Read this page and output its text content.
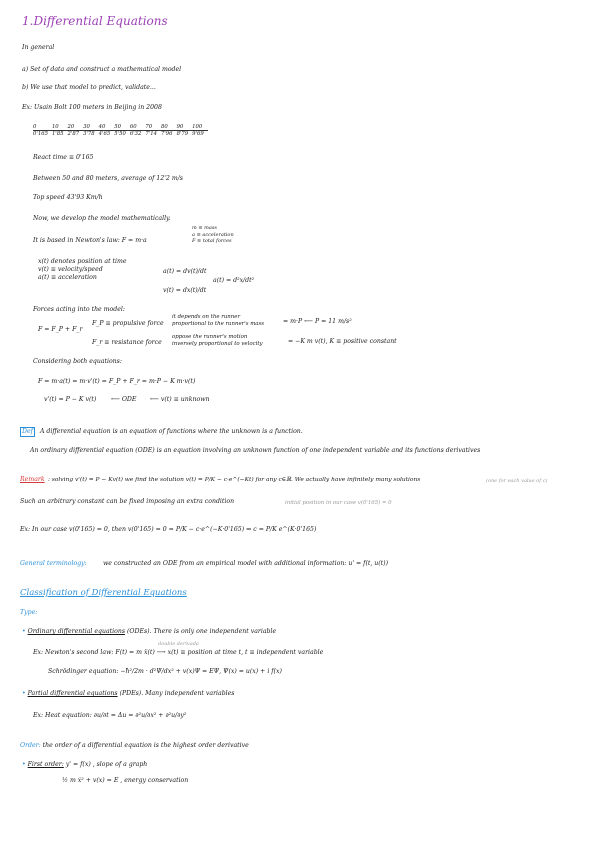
1.Differential Equations
In general
a) Set of data and construct a mathematical model
b) We use that model to predict, validate...
Ex: Usain Bolt 100 meters in Beijing in 2008
0	10	20	30	40	50	60	70	80	90	100
0'165	1'85	2'87	3'78	4'65	5'50	6'32	7'14	7'96	8'79	9'69
React time ≡ 0'165
Between 50 and 80 meters, average of 12'2 m/s
Top speed 43'93 Km/h
Now, we develop the model mathematically.
It is based in Newton's law: F = m·a
m ≡ mass
a ≡ acceleration
F ≡ total forces
x(t) denotes position at time
v(t) ≡ velocity/speed
a(t) ≡ acceleration
a(t) = dv(t)/dt
v(t) = dx(t)/dt
a(t) = d²x/dt²
Forces acting into the model:
F = F_P + F_r
F_P ≡ propulsive force
it depends on the runner
proportional to the runner's mass	= m·P ⟵ P = 11 m/s²
F_r ≡ resistance force
oppose the runner's motion
inversely proportional to velocity	= −K m v(t), K ≡ positive constant
Considering both equations:
F = m·a(t) = m·v'(t) = F_P + F_r = m·P − K m·v(t)
v'(t) = P − K v(t) ⟵ ODE ⟵ v(t) ≡ unknown
Def	A differential equation is an equation of functions where the unknown is a function.
An ordinary differential equation (ODE) is an equation involving an unknown function of one independent variable and its functions derivatives
Remark : solving v'(t) = P − Kv(t) we find the solution v(t) = P/K − c·e^(−Kt) for any c∈ℝ. We actually have infinitely many solutions	(one for each value of c)
Such an arbitrary constant can be fixed imposing an extra condition	initial position in our case v(0'165) = 0
Ex: In our case v(0'165) = 0, then v(0'165) = 0 = P/K − c·e^(−K·0'165) ⇒ c = P/K e^(K·0'165)
General terminology:	we constructed an ODE from an empirical model with additional information: u' = f(t, u(t))
Classification of Differential Equations
Type:
• Ordinary differential equations (ODEs). There is only one independent variable
double derivada
Ex: Newton's second law: F(t) = m ẍ(t) ⟶ x(t) ≡ position at time t, t ≡ independent variable
Schrödinger equation: −ħ²/2m · d²Ψ/dx² + v(x)Ψ = EΨ, Ψ(x) = u(x) + i f(x)
• Partial differential equations (PDEs). Many independent variables
Ex: Heat equation: ∂u/∂t = Δu = ∂²u/∂x² + ∂²u/∂y²
Order: the order of a differential equation is the highest order derivative
• First order: y' = f(x) , slope of a graph
½ m ẋ² + v(x) = E , energy conservation
